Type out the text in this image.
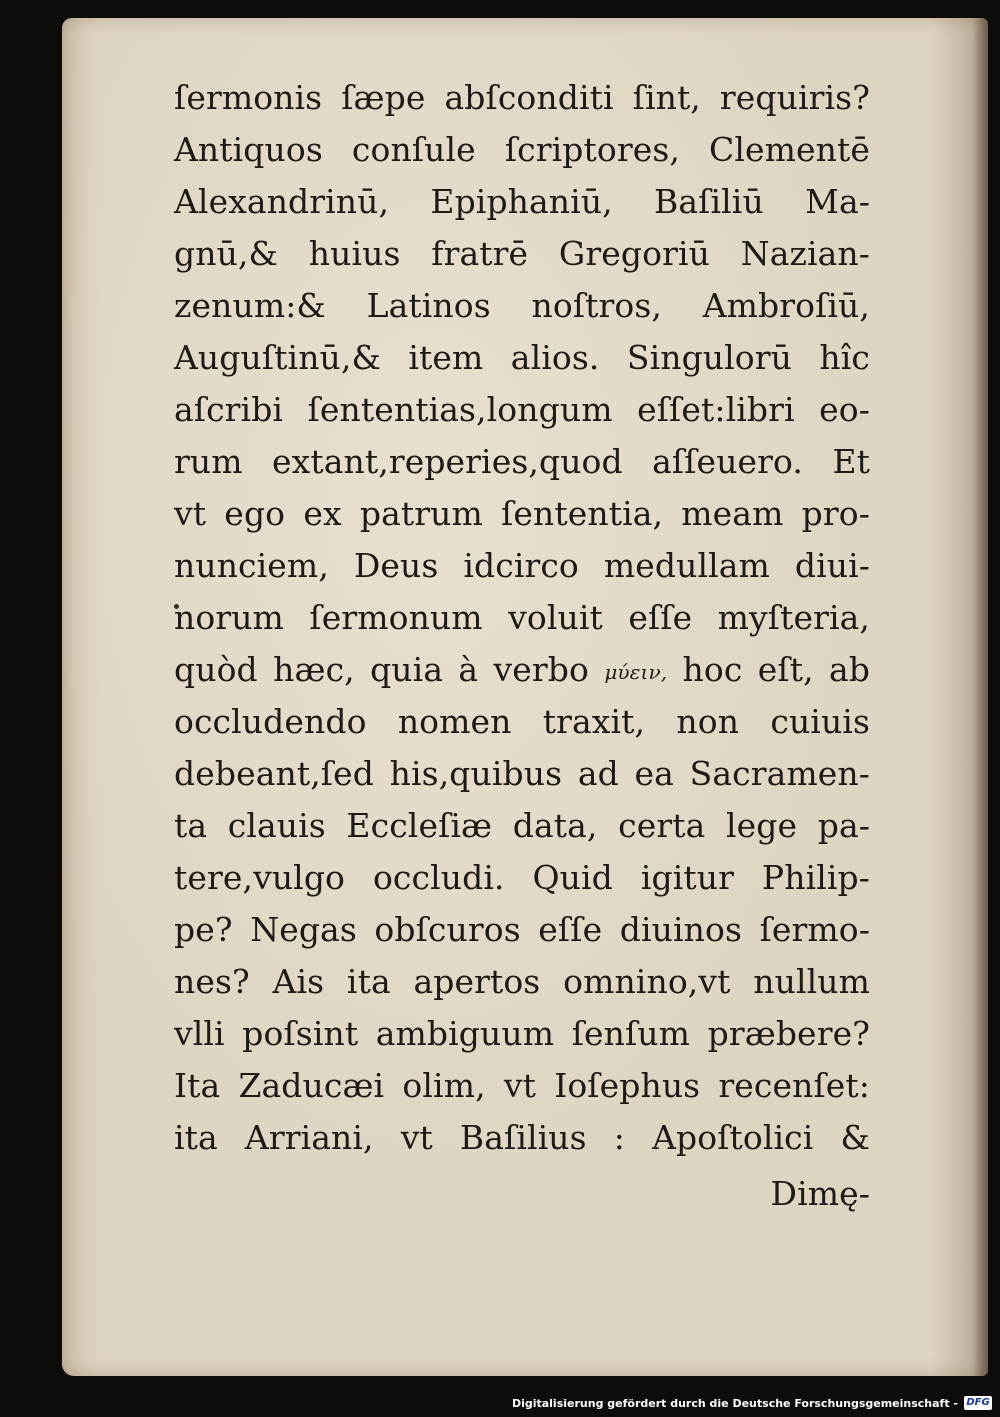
ſermonis ſæpe abſconditi ſint, requiris?
Antiquos conſule ſcriptores, Clementē
Alexandrinū, Epiphaniū, Baſiliū Ma-
gnū,& huius fratrē Gregoriū Nazian-
zenum:& Latinos noſtros, Ambroſiū,
Auguſtinū,& item alios. Singulorū hîc
aſcribi ſententias,longum eſſet:libri eo-
rum extant,reperies,quod aſſeuero. Et
vt ego ex patrum ſententia, meam pro-
nunciem, Deus idcirco medullam diui-
norum ſermonum voluit eſſe myſteria,
quòd hæc, quia à verbo μύειν, hoc eſt, ab
occludendo nomen traxit, non cuiuis
debeant,ſed his,quibus ad ea Sacramen-
ta clauis Eccleſiæ data, certa lege pa-
tere,vulgo occludi. Quid igitur Philip-
pe? Negas obſcuros eſſe diuinos ſermo-
nes? Ais ita apertos omnino,vt nullum
vlli poſsint ambiguum ſenſum præbere?
Ita Zaducæi olim, vt Ioſephus recenſet:
ita Arriani, vt Baſilius : Apoſtolici &
Dimę-
Digitalisierung gefördert durch die Deutsche Forschungsgemeinschaft - DFG
